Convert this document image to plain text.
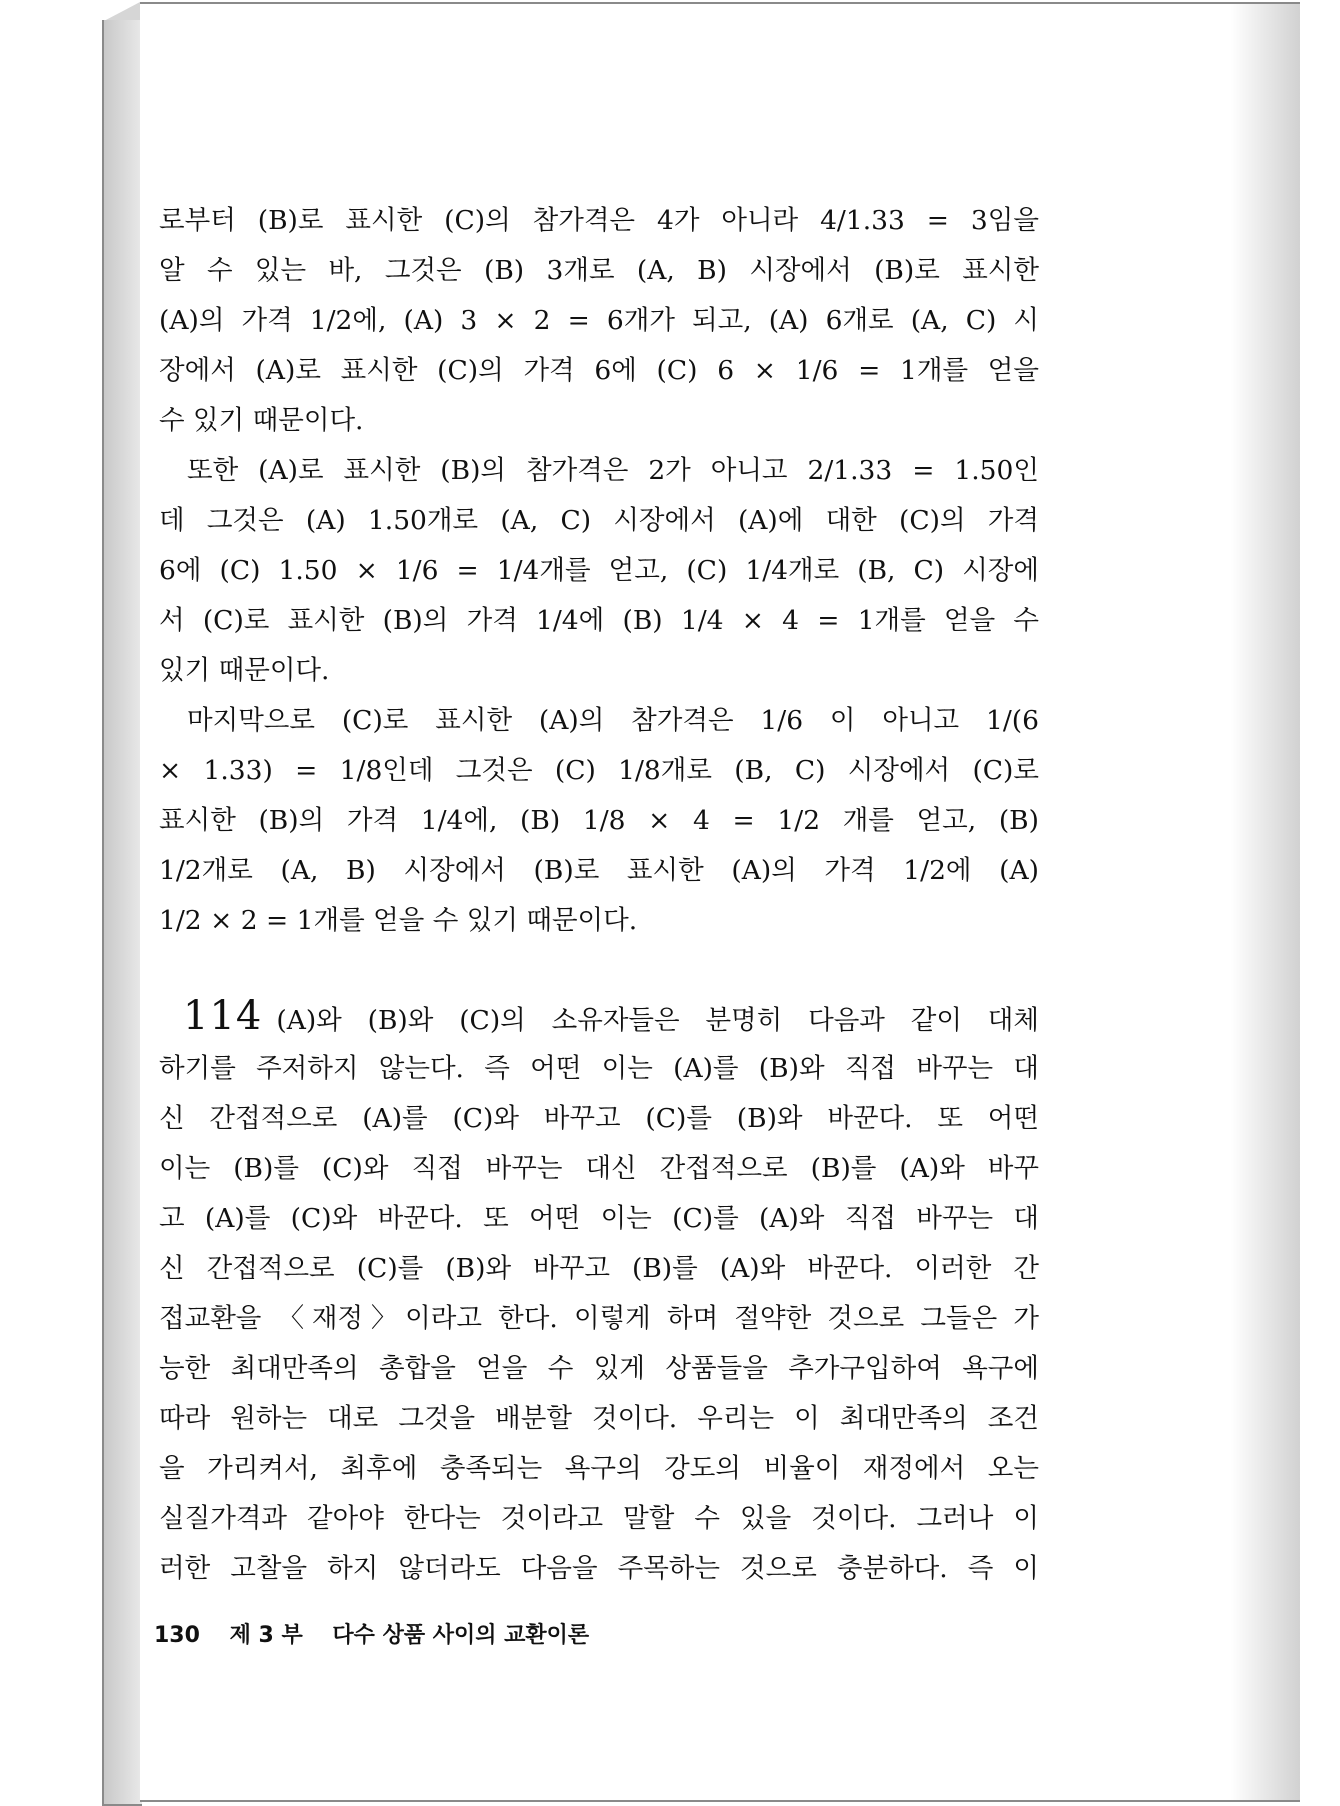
로부터 (B)로 표시한 (C)의 참가격은 4가 아니라 4/1.33 = 3임을
알 수 있는 바, 그것은 (B) 3개로 (A, B) 시장에서 (B)로 표시한
(A)의 가격 1/2에, (A) 3 × 2 = 6개가 되고, (A) 6개로 (A, C) 시
장에서 (A)로 표시한 (C)의 가격 6에 (C) 6 × 1/6 = 1개를 얻을
수 있기 때문이다.
또한 (A)로 표시한 (B)의 참가격은 2가 아니고 2/1.33 = 1.50인
데 그것은 (A) 1.50개로 (A, C) 시장에서 (A)에 대한 (C)의 가격
6에 (C) 1.50 × 1/6 = 1/4개를 얻고, (C) 1/4개로 (B, C) 시장에
서 (C)로 표시한 (B)의 가격 1/4에 (B) 1/4 × 4 = 1개를 얻을 수
있기 때문이다.
마지막으로 (C)로 표시한 (A)의 참가격은 1/6 이 아니고 1/(6
× 1.33) = 1/8인데 그것은 (C) 1/8개로 (B, C) 시장에서 (C)로
표시한 (B)의 가격 1/4에, (B) 1/8 × 4 = 1/2 개를 얻고, (B)
1/2개로 (A, B) 시장에서 (B)로 표시한 (A)의 가격 1/2에 (A)
1/2 × 2 = 1개를 얻을 수 있기 때문이다.
114 (A)와 (B)와 (C)의 소유자들은 분명히 다음과 같이 대체
하기를 주저하지 않는다. 즉 어떤 이는 (A)를 (B)와 직접 바꾸는 대
신 간접적으로 (A)를 (C)와 바꾸고 (C)를 (B)와 바꾼다. 또 어떤
이는 (B)를 (C)와 직접 바꾸는 대신 간접적으로 (B)를 (A)와 바꾸
고 (A)를 (C)와 바꾼다. 또 어떤 이는 (C)를 (A)와 직접 바꾸는 대
신 간접적으로 (C)를 (B)와 바꾸고 (B)를 (A)와 바꾼다. 이러한 간
접교환을 〈재정〉이라고 한다. 이렇게 하며 절약한 것으로 그들은 가
능한 최대만족의 총합을 얻을 수 있게 상품들을 추가구입하여 욕구에
따라 원하는 대로 그것을 배분할 것이다. 우리는 이 최대만족의 조건
을 가리켜서, 최후에 충족되는 욕구의 강도의 비율이 재정에서 오는
실질가격과 같아야 한다는 것이라고 말할 수 있을 것이다. 그러나 이
러한 고찰을 하지 않더라도 다음을 주목하는 것으로 충분하다. 즉 이
130 제 3 부 다수 상품 사이의 교환이론
